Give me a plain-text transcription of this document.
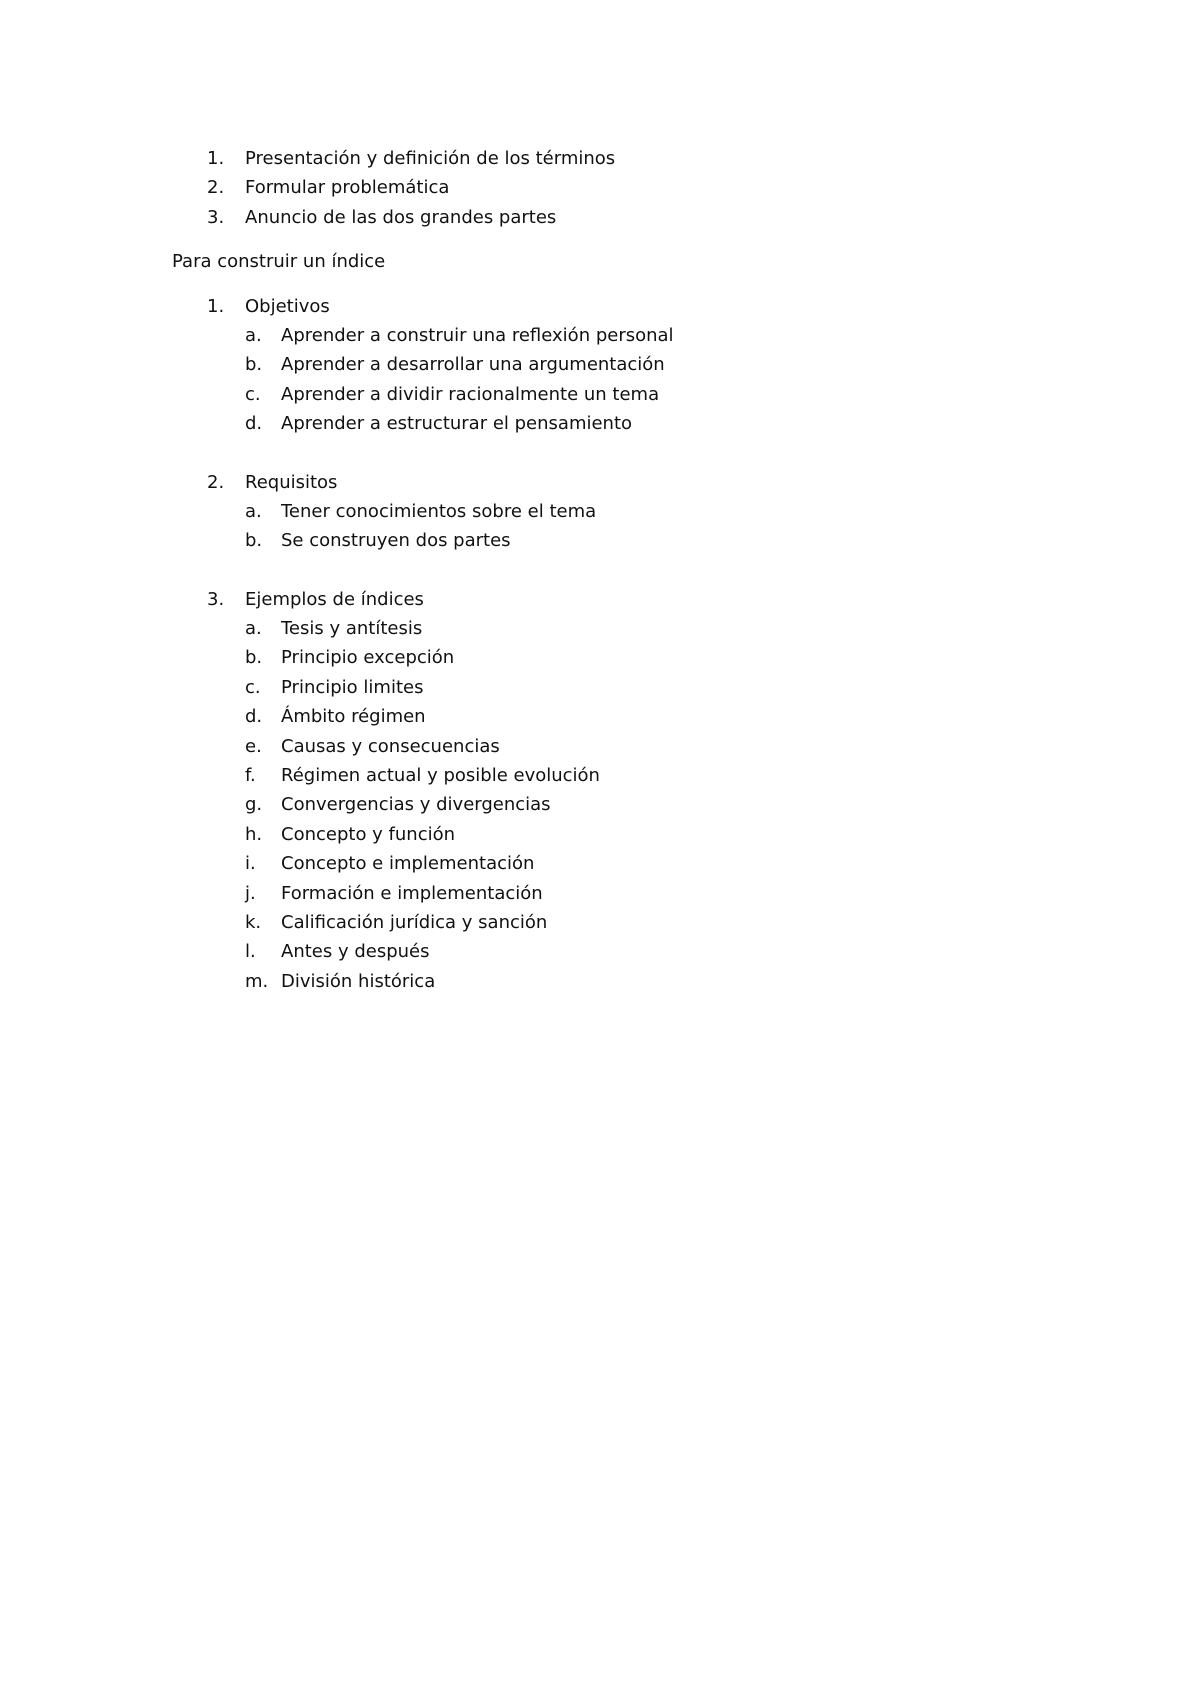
1.	Presentación y definición de los términos
2.	Formular problemática
3.	Anuncio de las dos grandes partes

Para construir un índice

1.	Objetivos
a.	Aprender a construir una reflexión personal
b.	Aprender a desarrollar una argumentación
c.	Aprender a dividir racionalmente un tema
d.	Aprender a estructurar el pensamiento
2.	Requisitos
a.	Tener conocimientos sobre el tema
b.	Se construyen dos partes
3.	Ejemplos de índices
a.	Tesis y antítesis
b.	Principio excepción
c.	Principio limites
d.	Ámbito régimen
e.	Causas y consecuencias
f.	Régimen actual y posible evolución
g.	Convergencias y divergencias
h.	Concepto y función
i.	Concepto e implementación
j.	Formación e implementación
k.	Calificación jurídica y sanción
l.	Antes y después
m. División histórica
